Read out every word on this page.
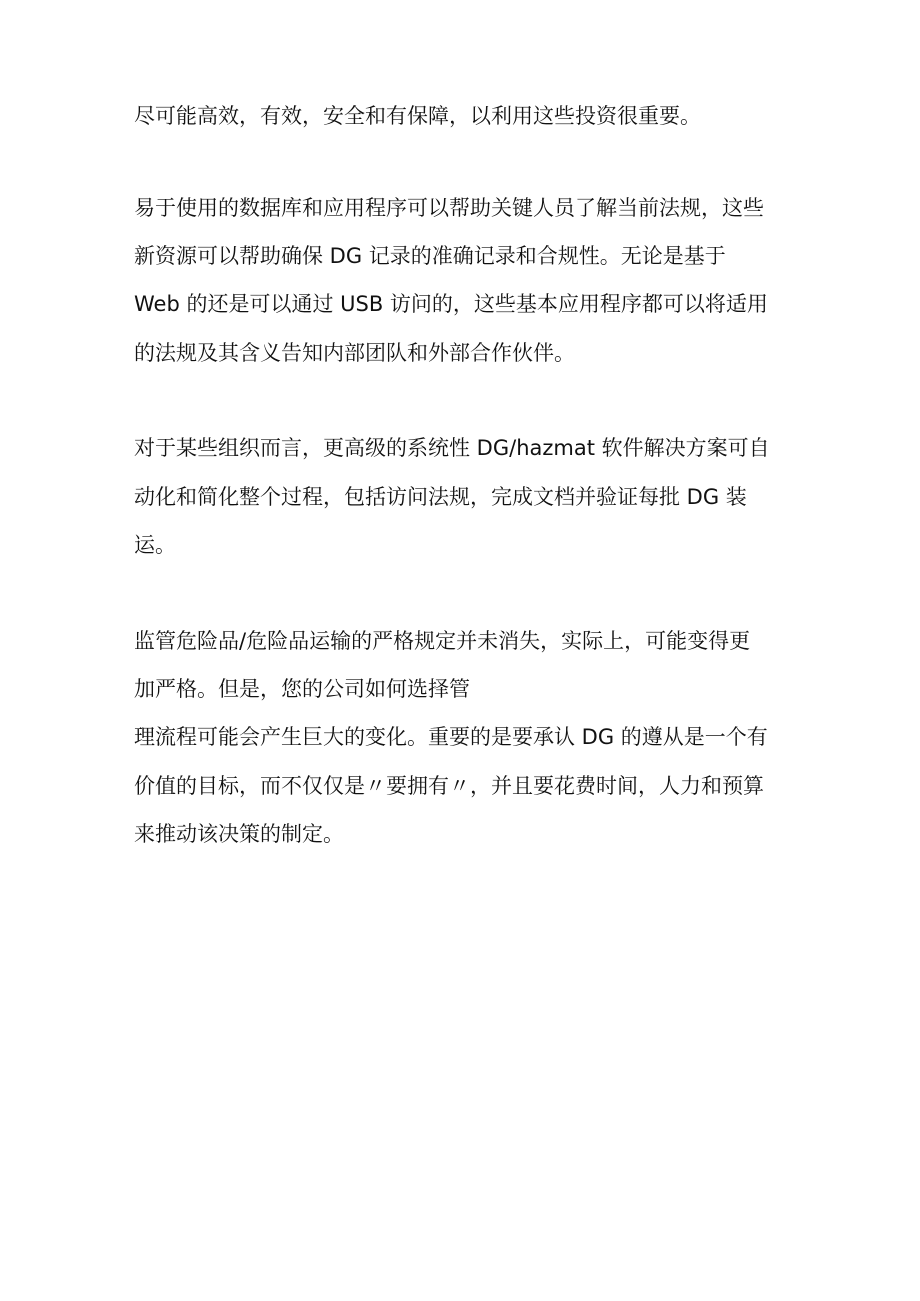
尽可能高效，有效，安全和有保障，以利用这些投资很重要。
易于使用的数据库和应用程序可以帮助关键人员了解当前法规，这些
新资源可以帮助确保 DG 记录的准确记录和合规性。无论是基于
Web 的还是可以通过 USB 访问的，这些基本应用程序都可以将适用
的法规及其含义告知内部团队和外部合作伙伴。
对于某些组织而言，更高级的系统性 DG/hazmat 软件解决方案可自
动化和简化整个过程，包括访问法规，完成文档并验证每批 DG 装
运。
监管危险品/危险品运输的严格规定并未消失，实际上，可能变得更
加严格。但是，您的公司如何选择管
理流程可能会产生巨大的变化。重要的是要承认 DG 的遵从是一个有
价值的目标，而不仅仅是〃要拥有〃，并且要花费时间，人力和预算
来推动该决策的制定。
